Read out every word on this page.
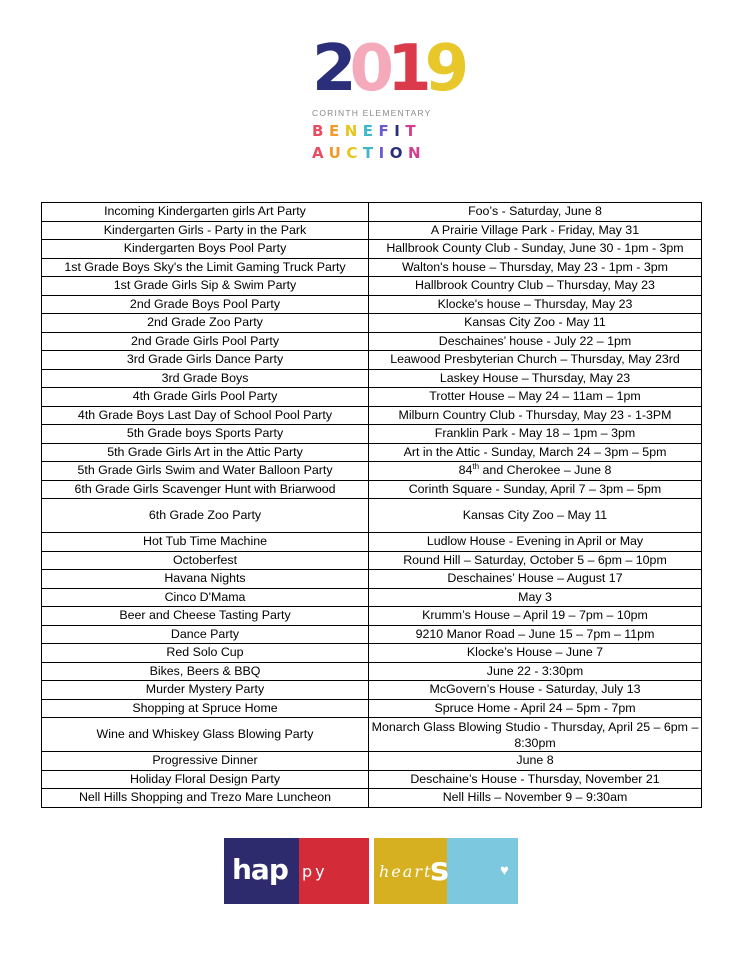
2019
CORINTH ELEMENTARY
BENEFIT
AUCTION
Incoming Kindergarten girls Art Party	Foo’s - Saturday, June 8
Kindergarten Girls - Party in the Park	A Prairie Village Park - Friday, May 31
Kindergarten Boys Pool Party	Hallbrook County Club - Sunday, June 30 - 1pm - 3pm
1st Grade Boys Sky's the Limit Gaming Truck Party	Walton's house – Thursday, May 23 - 1pm - 3pm
1st Grade Girls Sip & Swim Party	Hallbrook Country Club – Thursday, May 23
2nd Grade Boys Pool Party	Klocke's house – Thursday, May 23
2nd Grade Zoo Party	Kansas City Zoo - May 11
2nd Grade Girls Pool Party	Deschaines’ house - July 22 – 1pm
3rd Grade Girls Dance Party	Leawood Presbyterian Church – Thursday, May 23rd
3rd Grade Boys	Laskey House – Thursday, May 23
4th Grade Girls Pool Party	Trotter House – May 24 – 11am – 1pm
4th Grade Boys Last Day of School Pool Party	Milburn Country Club - Thursday, May 23 - 1-3PM
5th Grade boys Sports Party	Franklin Park - May 18 – 1pm – 3pm
5th Grade Girls Art in the Attic Party	Art in the Attic - Sunday, March 24 – 3pm – 5pm
5th Grade Girls Swim and Water Balloon Party	84th and Cherokee – June 8
6th Grade Girls Scavenger Hunt with Briarwood	Corinth Square - Sunday, April 7 – 3pm – 5pm
6th Grade Zoo Party	Kansas City Zoo – May 11
Hot Tub Time Machine	Ludlow House - Evening in April or May
Octoberfest	Round Hill – Saturday, October 5 – 6pm – 10pm
Havana Nights	Deschaines’ House – August 17
Cinco D'Mama	May 3
Beer and Cheese Tasting Party	Krumm’s House – April 19 – 7pm – 10pm
Dance Party	9210 Manor Road – June 15 – 7pm – 11pm
Red Solo Cup	Klocke’s House – June 7
Bikes, Beers & BBQ	June 22 - 3:30pm
Murder Mystery Party	McGovern’s House - Saturday, July 13
Shopping at Spruce Home	Spruce Home - April 24 – 5pm - 7pm
Wine and Whiskey Glass Blowing Party	Monarch Glass Blowing Studio - Thursday, April 25 – 6pm – 8:30pm
Progressive Dinner	June 8
Holiday Floral Design Party	Deschaine’s House - Thursday, November 21
Nell Hills Shopping and Trezo Mare Luncheon	Nell Hills – November 9 – 9:30am
hap py	heart
s	♥
